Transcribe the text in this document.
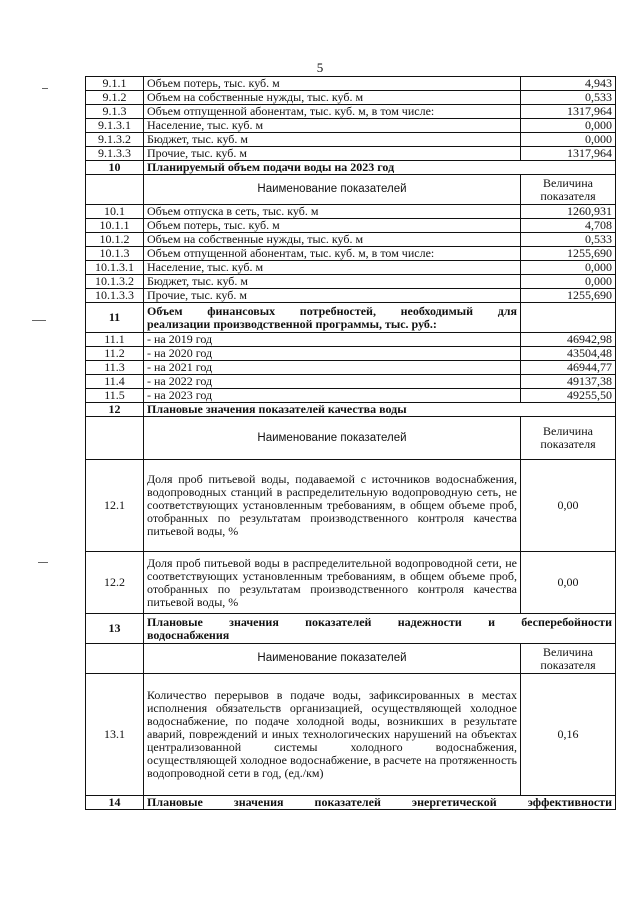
5
9.1.1	Объем потерь, тыс. куб. м	4,943
9.1.2	Объем на собственные нужды, тыс. куб. м	0,533
9.1.3	Объем отпущенной абонентам, тыс. куб. м, в том числе:	1317,964
9.1.3.1	Население, тыс. куб. м	0,000
9.1.3.2	Бюджет, тыс. куб. м	0,000
9.1.3.3	Прочие, тыс. куб. м	1317,964
10	Планируемый объем подачи воды на 2023 год	
	Наименование показателей	Величина показателя
10.1	Объем отпуска в сеть, тыс. куб. м	1260,931
10.1.1	Объем потерь, тыс. куб. м	4,708
10.1.2	Объем на собственные нужды, тыс. куб. м	0,533
10.1.3	Объем отпущенной абонентам, тыс. куб. м, в том числе:	1255,690
10.1.3.1	Население, тыс. куб. м	0,000
10.1.3.2	Бюджет, тыс. куб. м	0,000
10.1.3.3	Прочие, тыс. куб. м	1255,690
11	Объем финансовых потребностей, необходимый для
реализации производственной программы, тыс. руб.:	

11.1	- на 2019 год	46942,98
11.2	- на 2020 год	43504,48
11.3	- на 2021 год	46944,77
11.4	- на 2022 год	49137,38
11.5	- на 2023 год	49255,50
12	Плановые значения показателей качества воды	
	Наименование показателей	Величина показателя
12.1	Доля проб питьевой воды, подаваемой с источников водоснабжения, водопроводных станций в распределительную водопроводную сеть, не соответствующих установленным требованиям, в общем объеме проб, отобранных по результатам производственного контроля качества питьевой воды, %	0,00
12.2	Доля проб питьевой воды в распределительной водопроводной сети, не соответствующих установленным требованиям, в общем объеме проб, отобранных по результатам производственного контроля качества питьевой воды, %	0,00
13	Плановые значения показателей надежности и бесперебойности
водоснабжения	

	Наименование показателей	Величина показателя
13.1	Количество перерывов в подаче воды, зафиксированных в местах исполнения обязательств организацией, осуществляющей холодное водоснабжение, по подаче холодной воды, возникших в результате аварий, повреждений и иных технологических нарушений на объектах централизованной системы холодного водоснабжения, осуществляющей холодное водоснабжение, в расчете на протяженность водопроводной сети в год, (ед./км)	0,16
14	Плановые значения показателей энергетической эффективности	
